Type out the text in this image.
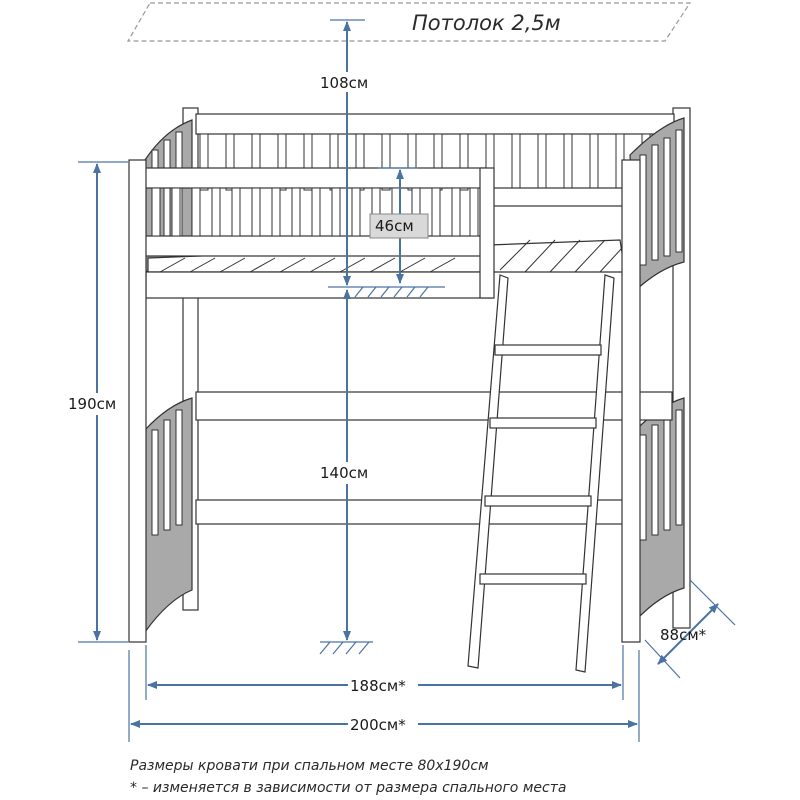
Потолок 2,5м
108см
46см
140см
190см
188см*
200см*
88см*
Размеры кровати при спальном месте 80х190см
* – изменяется в зависимости от размера спального места
